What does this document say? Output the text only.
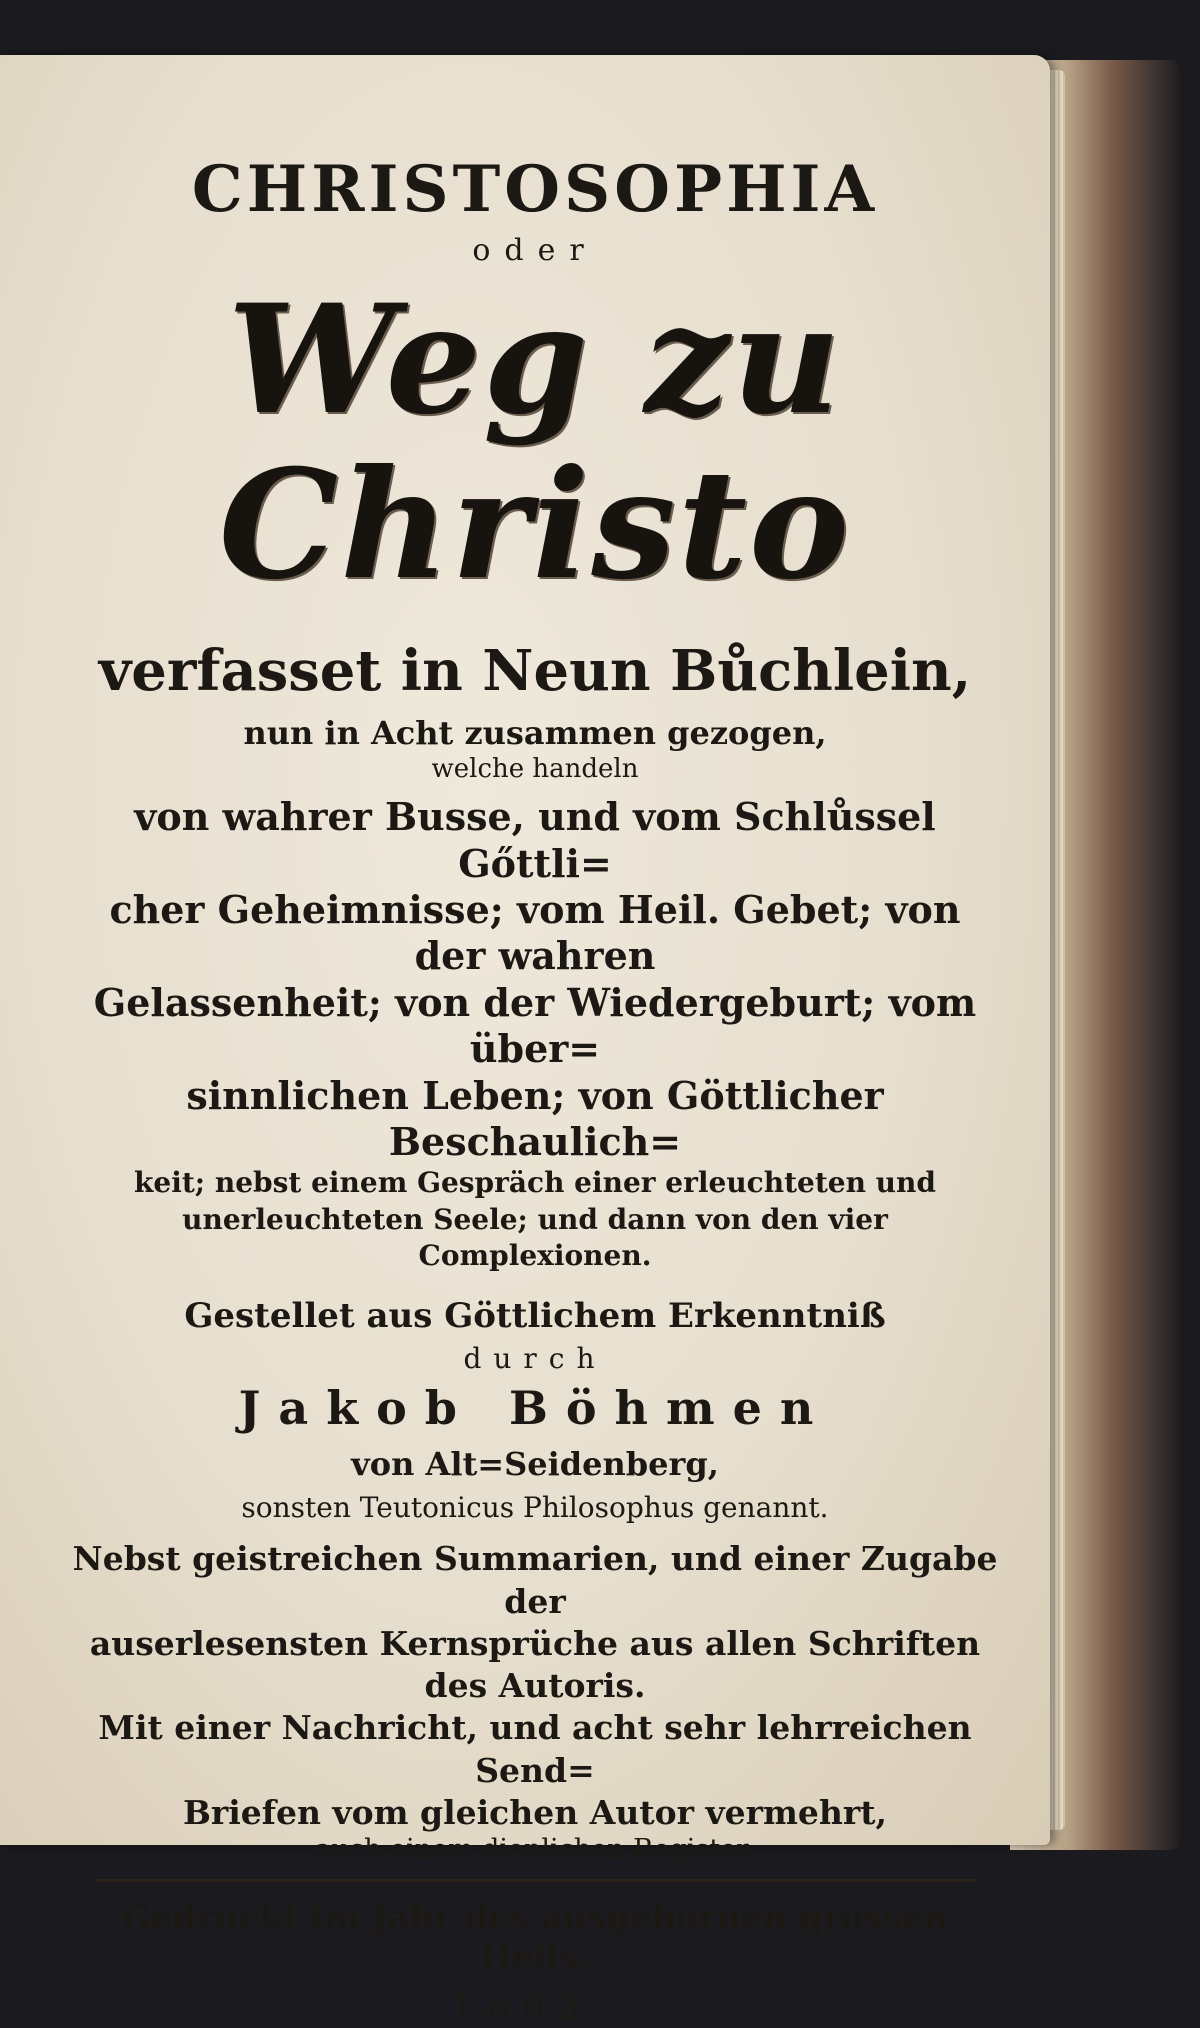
CHRISTOSOPHIA

oder

Weg zu Christo

verfasset in Neun Bůchlein,

nun in Acht zusammen gezogen,

welche handeln

von wahrer Busse, und vom Schlůssel Gőttli=

cher Geheimnisse; vom Heil. Gebet; von der wahren

Gelassenheit; von der Wiedergeburt; vom über=

sinnlichen Leben; von Göttlicher Beschaulich=

keit; nebst einem Gespräch einer erleuchteten und

unerleuchteten Seele; und dann von den vier

Complexionen.

Gestellet aus Göttlichem Erkenntniß

durch

Jakob Böhmen

von Alt=Seidenberg,

sonsten Teutonicus Philosophus genannt.

Nebst geistreichen Summarien, und einer Zugabe der

auserlesensten Kernsprüche aus allen Schriften des Autoris.

Mit einer Nachricht, und acht sehr lehrreichen Send=

Briefen vom gleichen Autor vermehrt,

auch einem dienlichen Register.

Gedruckt im Jahr des ausgebornen grossen Heils.

1803.
